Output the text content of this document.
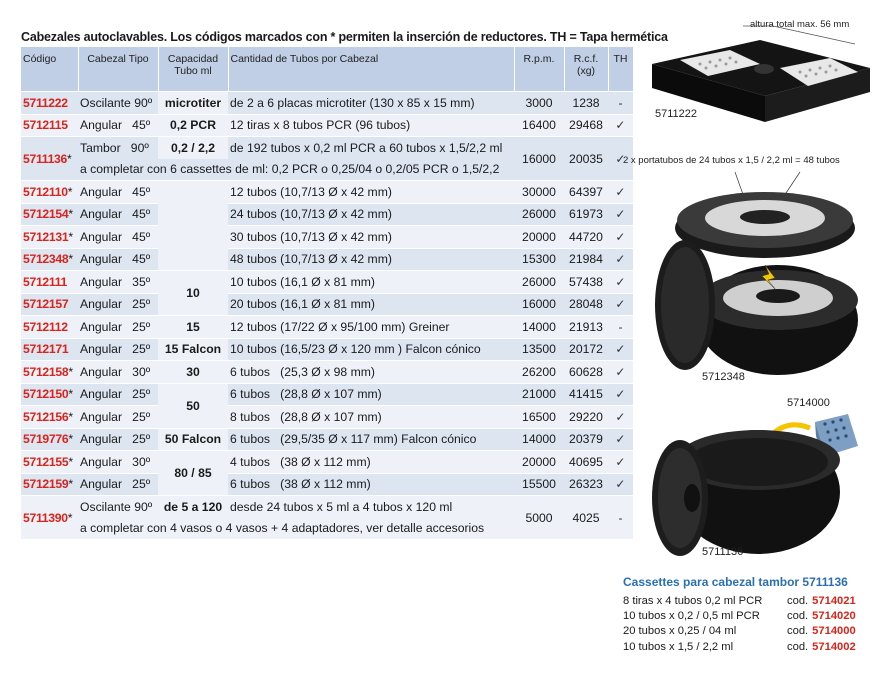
Cabezales autoclavables. Los códigos marcados con * permiten la inserción de reductores. TH = Tapa hermética
Código	Cabezal Tipo	Capacidad
Tubo ml	Cantidad de Tubos por Cabezal	R.p.m.	R.c.f.
(xg)	TH
5711222	Oscilante 90º	microtiter	de 2 a 6 placas microtiter (130 x 85 x 15 mm)	3000	1238	-
5712115	Angular   45º	0,2 PCR	12 tiras x 8 tubos PCR (96 tubos)	16400	29468	✓
5711136*	Tambor   90º	0,2 / 2,2	de 192 tubos x 0,2 ml PCR a 60 tubos x 1,5/2,2 ml	16000	20035	✓
	a completar con 6 cassettes de ml: 0,2 PCR o 0,25/04 o 0,2/05 PCR o 1,5/2,2					
5712110*	Angular   45º		12 tubos (10,7/13 Ø x 42 mm)	30000	64397	✓
5712154*	Angular   45º		24 tubos (10,7/13 Ø x 42 mm)	26000	61973	✓
5712131*	Angular   45º		30 tubos (10,7/13 Ø x 42 mm)	20000	44720	✓
5712348*	Angular   45º		48 tubos (10,7/13 Ø x 42 mm)	15300	21984	✓
5712111	Angular   35º	10	10 tubos (16,1 Ø x 81 mm)	26000	57438	✓
5712157	Angular   25º		20 tubos (16,1 Ø x 81 mm)	16000	28048	✓
5712112	Angular   25º	15	12 tubos (17/22 Ø x 95/100 mm) Greiner	14000	21913	-
5712171	Angular   25º	15 Falcon	10 tubos (16,5/23 Ø x 120 mm ) Falcon cónico	13500	20172	✓
5712158*	Angular   30º	30	6 tubos   (25,3 Ø x 98 mm)	26200	60628	✓
5712150*	Angular   25º	50	6 tubos   (28,8 Ø x 107 mm)	21000	41415	✓
5712156*	Angular   25º		8 tubos   (28,8 Ø x 107 mm)	16500	29220	✓
5719776*	Angular   25º	50 Falcon	6 tubos   (29,5/35 Ø x 117 mm) Falcon cónico	14000	20379	✓
5712155*	Angular   30º	80 / 85	4 tubos   (38 Ø x 112 mm)	20000	40695	✓
5712159*	Angular   25º		6 tubos   (38 Ø x 112 mm)	15500	26323	✓
5711390*	Oscilante 90º	de 5 a 120	desde 24 tubos x 5 ml a 4 tubos x 120 ml	5000	4025	-
	a completar con 4 vasos o 4 vasos + 4 adaptadores, ver detalle accesorios					
altura total max. 56 mm
5711222
2 x portatubos de 24 tubos x 1,5 / 2,2 ml = 48 tubos
5712348
5714000
5711136
Cassettes para cabezal tambor 5711136
8 tiras x 4 tubos 0,2 ml PCR	cod. 5714021
10 tubos x 0,2 / 0,5 ml PCR	cod. 5714020
20 tubos x 0,25 / 04 ml	cod. 5714000
10 tubos x 1,5 / 2,2 ml	cod. 5714002
